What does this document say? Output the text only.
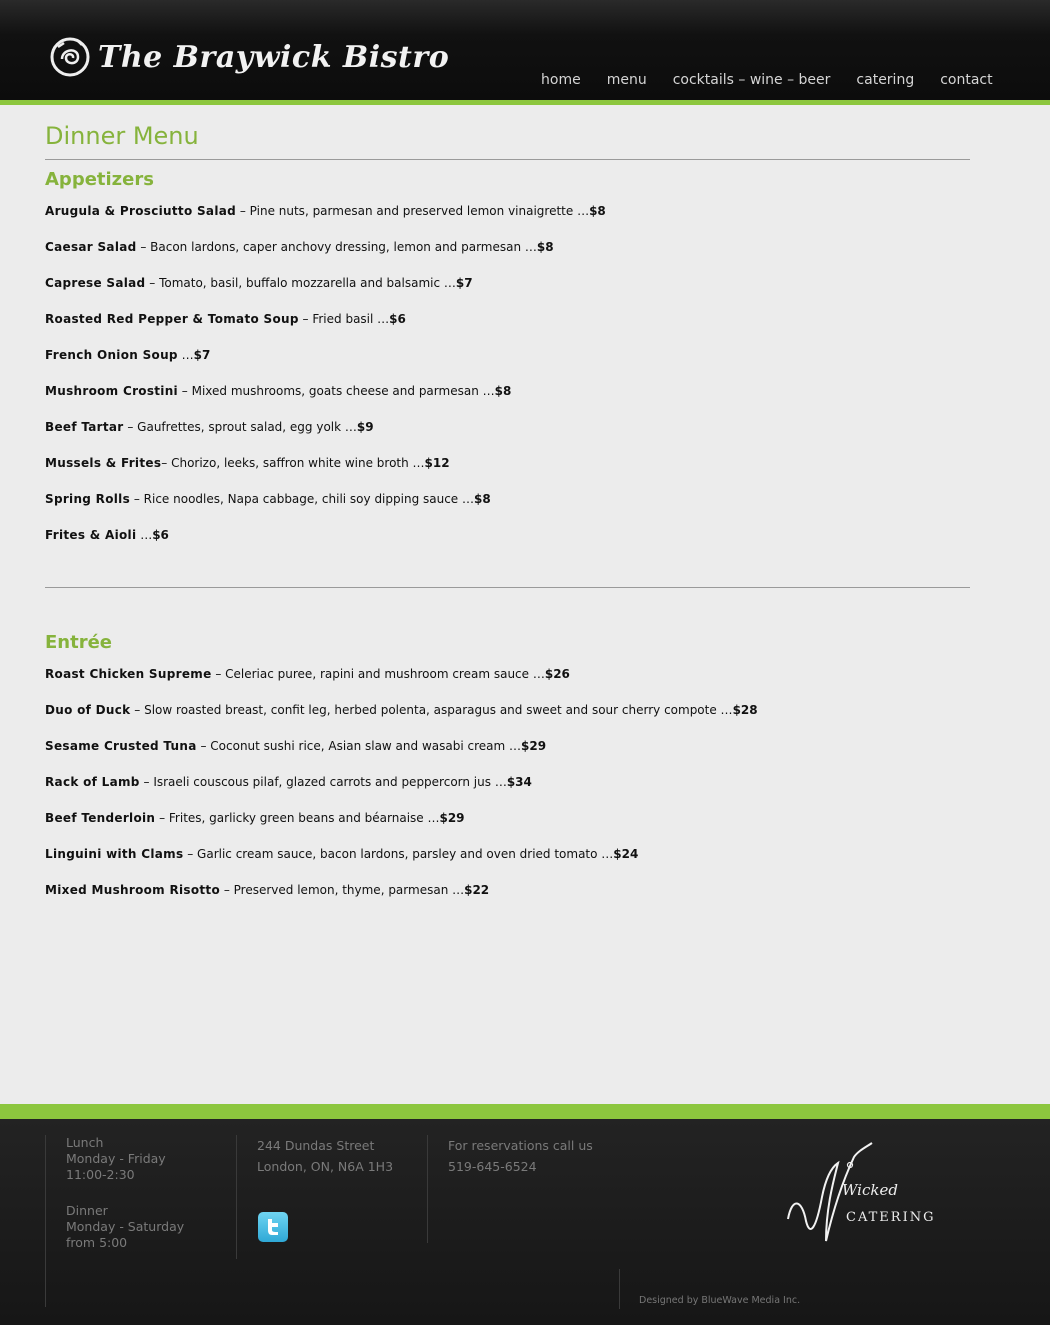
The Braywick Bistro
home menu cocktails – wine – beer catering contact
Dinner Menu
Appetizers
Arugula & Prosciutto Salad – Pine nuts, parmesan and preserved lemon vinaigrette …$8
Caesar Salad – Bacon lardons, caper anchovy dressing, lemon and parmesan …$8
Caprese Salad – Tomato, basil, buffalo mozzarella and balsamic …$7
Roasted Red Pepper & Tomato Soup – Fried basil …$6
French Onion Soup …$7
Mushroom Crostini – Mixed mushrooms, goats cheese and parmesan …$8
Beef Tartar – Gaufrettes, sprout salad, egg yolk …$9
Mussels & Frites– Chorizo, leeks, saffron white wine broth …$12
Spring Rolls – Rice noodles, Napa cabbage, chili soy dipping sauce …$8
Frites & Aioli …$6
Entrée
Roast Chicken Supreme – Celeriac puree, rapini and mushroom cream sauce …$26
Duo of Duck – Slow roasted breast, confit leg, herbed polenta, asparagus and sweet and sour cherry compote …$28
Sesame Crusted Tuna – Coconut sushi rice, Asian slaw and wasabi cream …$29
Rack of Lamb – Israeli couscous pilaf, glazed carrots and peppercorn jus …$34
Beef Tenderloin – Frites, garlicky green beans and béarnaise …$29
Linguini with Clams – Garlic cream sauce, bacon lardons, parsley and oven dried tomato …$24
Mixed Mushroom Risotto – Preserved lemon, thyme, parmesan …$22
Lunch
Monday - Friday
11:00-2:30
Dinner
Monday - Saturday
from 5:00
244 Dundas Street
London, ON, N6A 1H3
For reservations call us
519-645-6524
Wicked
CATERING
Designed by BlueWave Media Inc.
